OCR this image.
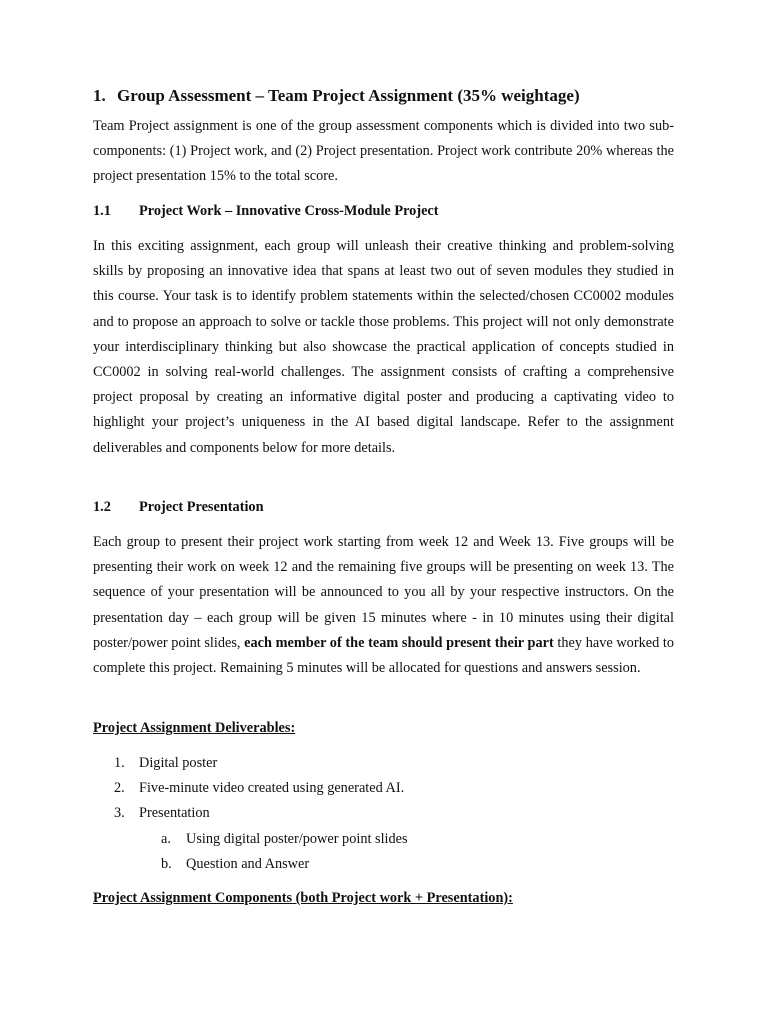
1. Group Assessment – Team Project Assignment (35% weightage)

Team Project assignment is one of the group assessment components which is divided into two sub-components: (1) Project work, and (2) Project presentation. Project work contribute 20% whereas the project presentation 15% to the total score.

1.1 Project Work – Innovative Cross-Module Project

In this exciting assignment, each group will unleash their creative thinking and problem-solving skills by proposing an innovative idea that spans at least two out of seven modules they studied in this course. Your task is to identify problem statements within the selected/chosen CC0002 modules and to propose an approach to solve or tackle those problems. This project will not only demonstrate your interdisciplinary thinking but also showcase the practical application of concepts studied in CC0002 in solving real-world challenges. The assignment consists of crafting a comprehensive project proposal by creating an informative digital poster and producing a captivating video to highlight your project’s uniqueness in the AI based digital landscape. Refer to the assignment deliverables and components below for more details.

1.2 Project Presentation

Each group to present their project work starting from week 12 and Week 13. Five groups will be presenting their work on week 12 and the remaining five groups will be presenting on week 13. The sequence of your presentation will be announced to you all by your respective instructors. On the presentation day – each group will be given 15 minutes where - in 10 minutes using their digital poster/power point slides, each member of the team should present their part they have worked to complete this project. Remaining 5 minutes will be allocated for questions and answers session.

Project Assignment Deliverables:
1. Digital poster
2. Five-minute video created using generated AI.
3. Presentation
a. Using digital poster/power point slides
b. Question and Answer
Project Assignment Components (both Project work + Presentation):
